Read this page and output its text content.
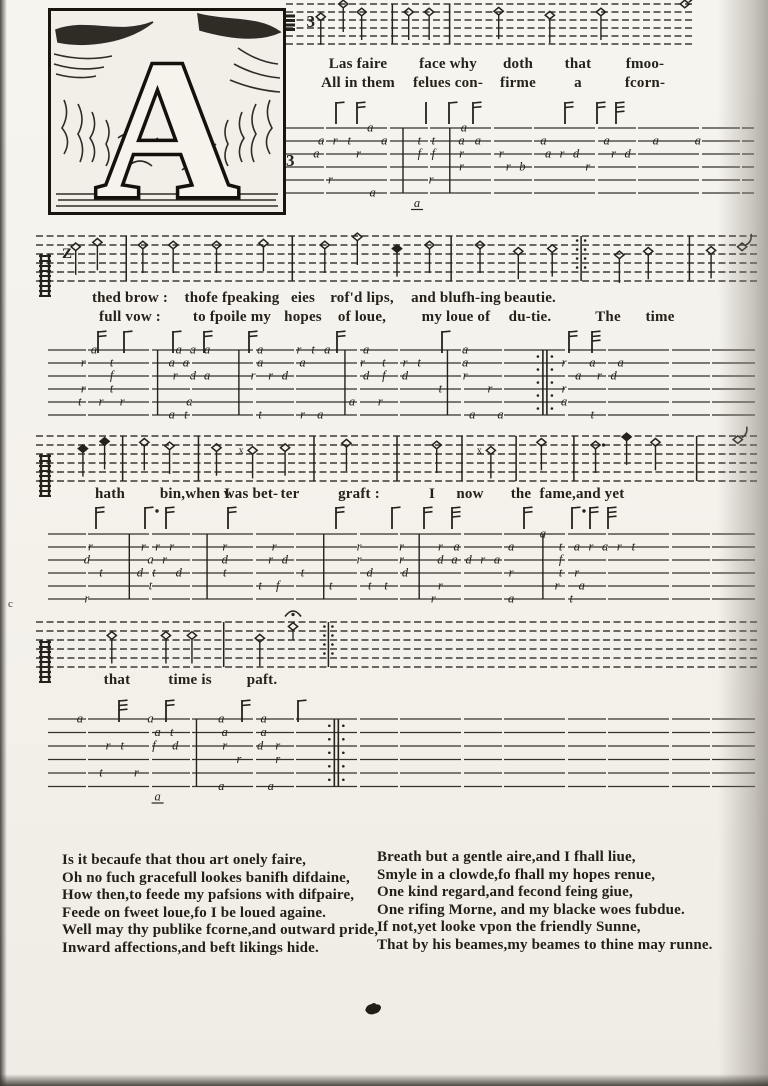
A	3
Las faire
All in them
face why
felues con-
doth
firme
that
a
fmoo-
fcorn-
3
a	a
a r t a t t a a	a	a	a	a
a	r	f f r	r	a r d	r d
r	r b	r
r	r
a
a
Z
thed brow :
full vow :
thofe fpeaking
to fpoile my
eies
hopes
rof'd lips,
of loue,
and blufh-ing
my loue of
beautie.
du-tie.	The time
a	a a a	a	r t a	a	a
r t	a a	a	a	r t r t	a	r a a
f	r d a	r r d	d f d	r	a r d
r t	t	r	r
t r r	a	a r	a
a t	t	r a	a a	t
x	x
hath bin,when I
was bet- ter	graft :	I now the fame,and yet
a
r	r r r	r	r	r	r	r a	a	t a r a r t
d	a r	d	r d	r	r	d a d r a	f
t	d t d	t	t	d d	r	t r
t	t f	t	t t	r	r a
r	r	a	t
that	time is paft.
a	a	a	a
a t	a	a
r t f d	r d r
r	r
t r
a	a
a
Is it becaufe that thou art onely faire,
Oh no fuch gracefull lookes banifh difdaine,
How then,to feede my pafsions with difpaire,
Feede on fweet loue,fo I be loued againe.
Well may thy publike fcorne,and outward pride,
Inward affections,and beft likings hide.
Breath but a gentle aire,and I fhall liue,
Smyle in a clowde,fo fhall my hopes renue,
One kind regard,and fecond feing giue,
One rifing Morne, and my blacke woes fubdue.
If not,yet looke vpon the friendly Sunne,
That by his beames,my beames to thine may runne.
c
